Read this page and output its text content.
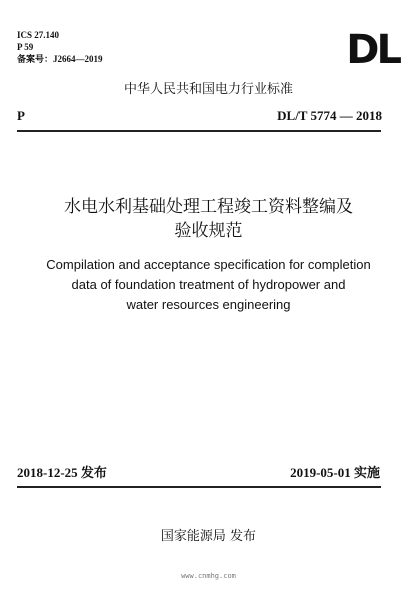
ICS 27.140
P 59
备案号：J2664—2019	DL
中华人民共和国电力行业标准
P	DL/T 5774 — 2018
水电水利基础处理工程竣工资料整编及
验收规范
Compilation and acceptance specification for completion
data of foundation treatment of hydropower and
water resources engineering
2018-12-25 发布	2019-05-01 实施
国家能源局 发布
www.cnmhg.com
